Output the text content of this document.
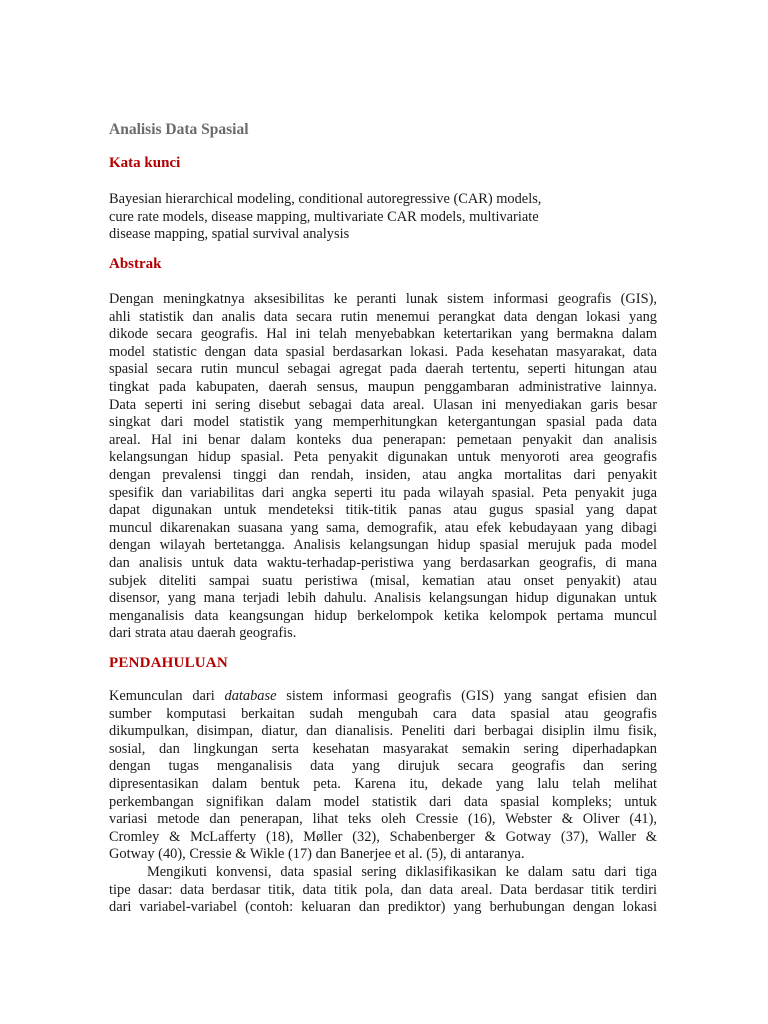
Analisis Data Spasial
Kata kunci
Bayesian hierarchical modeling, conditional autoregressive (CAR) models,
cure rate models, disease mapping, multivariate CAR models, multivariate
disease mapping, spatial survival analysis
Abstrak
Dengan meningkatnya aksesibilitas ke peranti lunak sistem informasi geografis (GIS),
ahli statistik dan analis data secara rutin menemui perangkat data dengan lokasi yang
dikode secara geografis. Hal ini telah menyebabkan ketertarikan yang bermakna dalam
model statistic dengan data spasial berdasarkan lokasi. Pada kesehatan masyarakat, data
spasial secara rutin muncul sebagai agregat pada daerah tertentu, seperti hitungan atau
tingkat pada kabupaten, daerah sensus, maupun penggambaran administrative lainnya.
Data seperti ini sering disebut sebagai data areal. Ulasan ini menyediakan garis besar
singkat dari model statistik yang memperhitungkan ketergantungan spasial pada data
areal. Hal ini benar dalam konteks dua penerapan: pemetaan penyakit dan analisis
kelangsungan hidup spasial. Peta penyakit digunakan untuk menyoroti area geografis
dengan prevalensi tinggi dan rendah, insiden, atau angka mortalitas dari penyakit
spesifik dan variabilitas dari angka seperti itu pada wilayah spasial. Peta penyakit juga
dapat digunakan untuk mendeteksi titik-titik panas atau gugus spasial yang dapat
muncul dikarenakan suasana yang sama, demografik, atau efek kebudayaan yang dibagi
dengan wilayah bertetangga. Analisis kelangsungan hidup spasial merujuk pada model
dan analisis untuk data waktu-terhadap-peristiwa yang berdasarkan geografis, di mana
subjek diteliti sampai suatu peristiwa (misal, kematian atau onset penyakit) atau
disensor, yang mana terjadi lebih dahulu. Analisis kelangsungan hidup digunakan untuk
menganalisis data keangsungan hidup berkelompok ketika kelompok pertama muncul
dari strata atau daerah geografis.
PENDAHULUAN
Kemunculan dari database sistem informasi geografis (GIS) yang sangat efisien dan
sumber komputasi berkaitan sudah mengubah cara data spasial atau geografis
dikumpulkan, disimpan, diatur, dan dianalisis. Peneliti dari berbagai disiplin ilmu fisik,
sosial, dan lingkungan serta kesehatan masyarakat semakin sering diperhadapkan
dengan tugas menganalisis data yang dirujuk secara geografis dan sering
dipresentasikan dalam bentuk peta. Karena itu, dekade yang lalu telah melihat
perkembangan signifikan dalam model statistik dari data spasial kompleks; untuk
variasi metode dan penerapan, lihat teks oleh Cressie (16), Webster & Oliver (41),
Cromley & McLafferty (18), Møller (32), Schabenberger & Gotway (37), Waller &
Gotway (40), Cressie & Wikle (17) dan Banerjee et al. (5), di antaranya.
Mengikuti konvensi, data spasial sering diklasifikasikan ke dalam satu dari tiga
tipe dasar: data berdasar titik, data titik pola, dan data areal. Data berdasar titik terdiri
dari variabel-variabel (contoh: keluaran dan prediktor) yang berhubungan dengan lokasi
